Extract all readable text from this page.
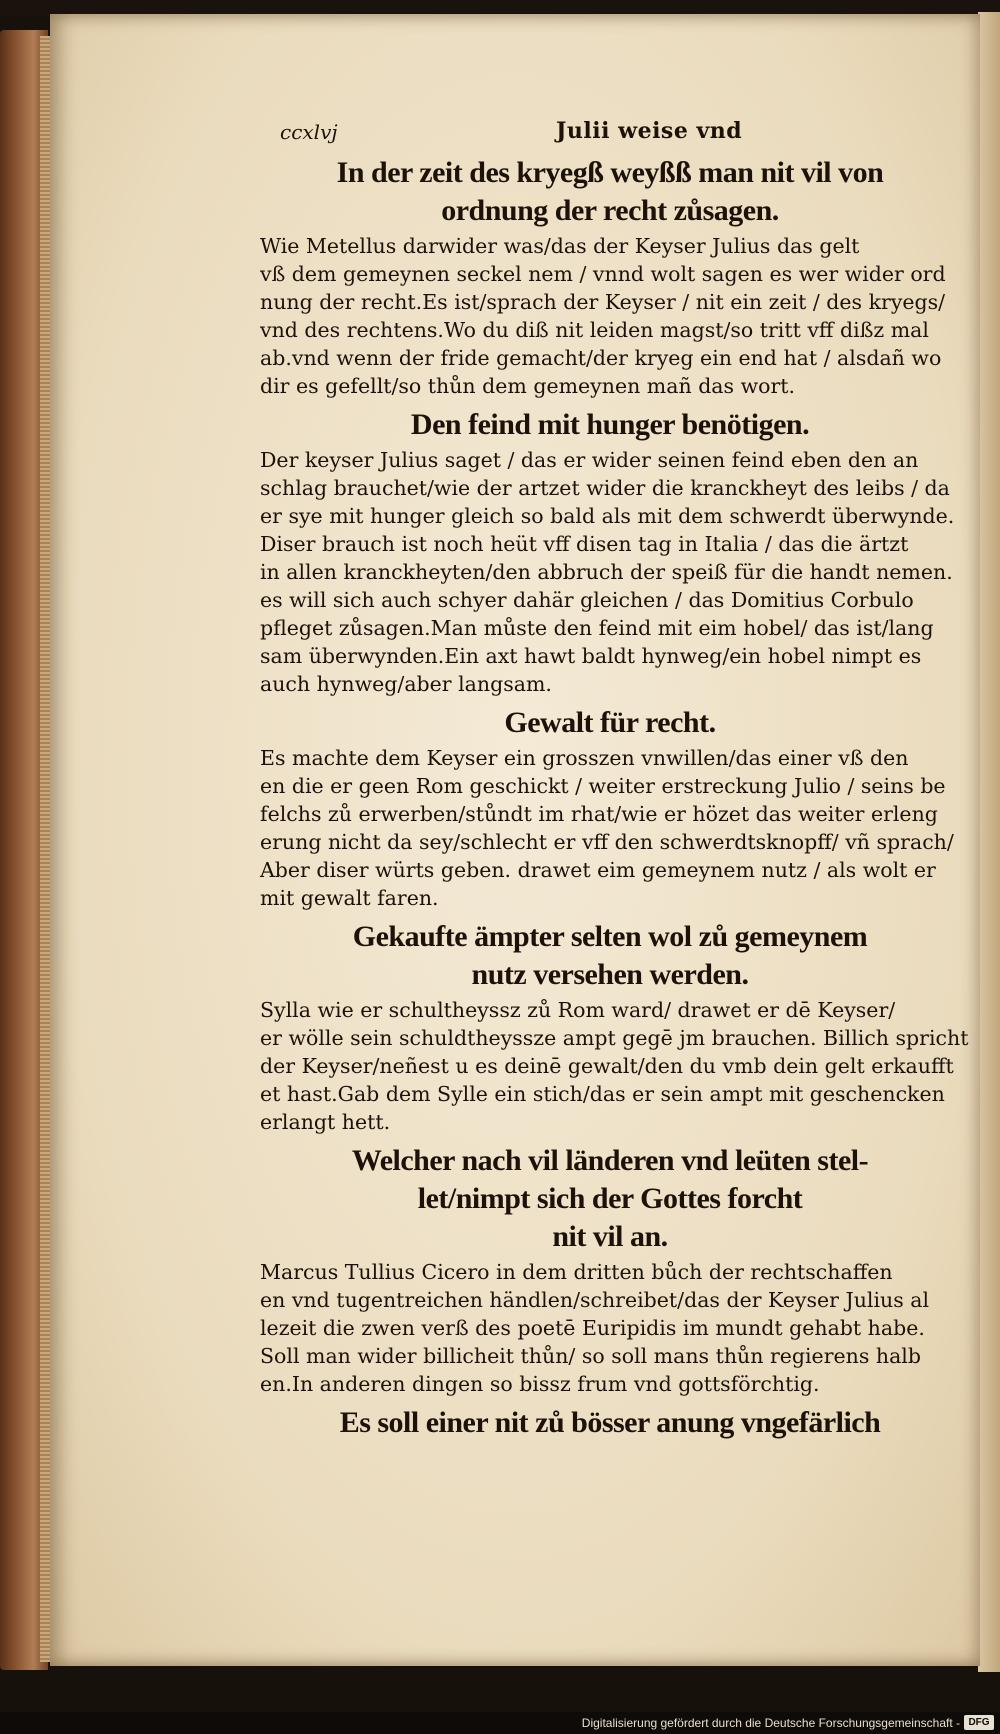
ccxlvj	Julii weise vnd
In der zeit des kryegß weyßß man nit vil von
ordnung der recht zůsagen.
Wie Metellus darwider was/das der Keyser Julius das gelt
vß dem gemeynen seckel nem / vnnd wolt sagen es wer wider ord
nung der recht.Es ist/sprach der Keyser / nit ein zeit / des kryegs/
vnd des rechtens.Wo du diß nit leiden magst/so tritt vff dißz mal
ab.vnd wenn der fride gemacht/der kryeg ein end hat / alsdañ wo
dir es gefellt/so thůn dem gemeynen mañ das wort.
Den feind mit hunger benötigen.
Der keyser Julius saget / das er wider seinen feind eben den an
schlag brauchet/wie der artzet wider die kranckheyt des leibs / da
er sye mit hunger gleich so bald als mit dem schwerdt überwynde.
Diser brauch ist noch heüt vff disen tag in Italia / das die ärtzt
in allen kranckheyten/den abbruch der speiß für die handt nemen.
es will sich auch schyer dahär gleichen / das Domitius Corbulo
pfleget zůsagen.Man můste den feind mit eim hobel/ das ist/lang
sam überwynden.Ein axt hawt baldt hynweg/ein hobel nimpt es
auch hynweg/aber langsam.
Gewalt für recht.
Es machte dem Keyser ein grosszen vnwillen/das einer vß den
en die er geen Rom geschickt / weiter erstreckung Julio / seins be
felchs zů erwerben/stůndt im rhat/wie er hözet das weiter erleng
erung nicht da sey/schlecht er vff den schwerdtsknopff/ vñ sprach/
Aber diser würts geben. drawet eim gemeynem nutz / als wolt er
mit gewalt faren.
Gekaufte ämpter selten wol zů gemeynem
nutz versehen werden.
Sylla wie er schultheyssz zů Rom ward/ drawet er dē Keyser/
er wölle sein schuldtheyssze ampt gegē jm brauchen. Billich spricht
der Keyser/neñest u es deinē gewalt/den du vmb dein gelt erkaufft
et hast.Gab dem Sylle ein stich/das er sein ampt mit geschencken
erlangt hett.
Welcher nach vil länderen vnd leüten stel-
let/nimpt sich der Gottes forcht
nit vil an.
Marcus Tullius Cicero in dem dritten bůch der rechtschaffen
en vnd tugentreichen händlen/schreibet/das der Keyser Julius al
lezeit die zwen verß des poetē Euripidis im mundt gehabt habe.
Soll man wider billicheit thůn/ so soll mans thůn regierens halb
en.In anderen dingen so bissz frum vnd gottsförchtig.
Es soll einer nit zů bösser anung vngefärlich
Digitalisierung gefördert durch die Deutsche Forschungsgemeinschaft - DFG
